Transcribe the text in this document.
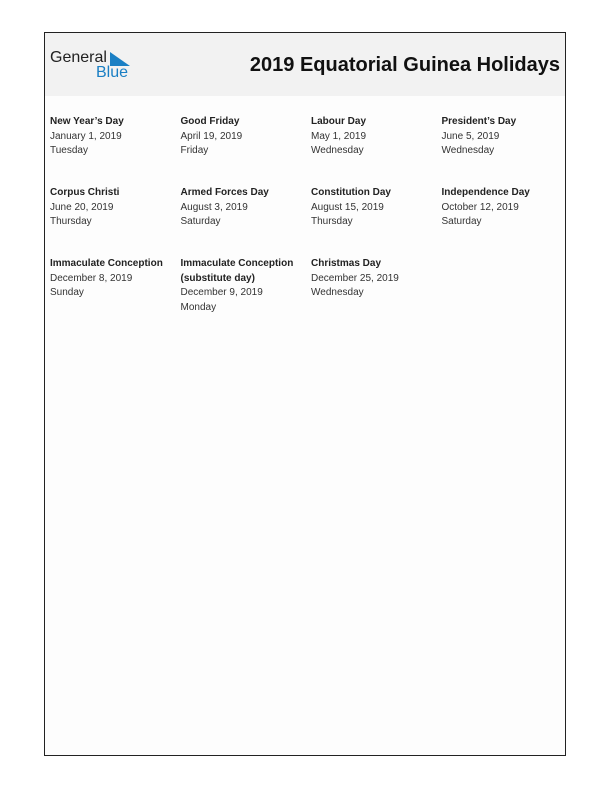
General
Blue	2019 Equatorial Guinea Holidays
New Year’s Day
January 1, 2019
Tuesday
Good Friday
April 19, 2019
Friday
Labour Day
May 1, 2019
Wednesday
President’s Day
June 5, 2019
Wednesday
Corpus Christi
June 20, 2019
Thursday
Armed Forces Day
August 3, 2019
Saturday
Constitution Day
August 15, 2019
Thursday
Independence Day
October 12, 2019
Saturday
Immaculate Conception
December 8, 2019
Sunday
Immaculate Conception (substitute day)
December 9, 2019
Monday
Christmas Day
December 25, 2019
Wednesday
